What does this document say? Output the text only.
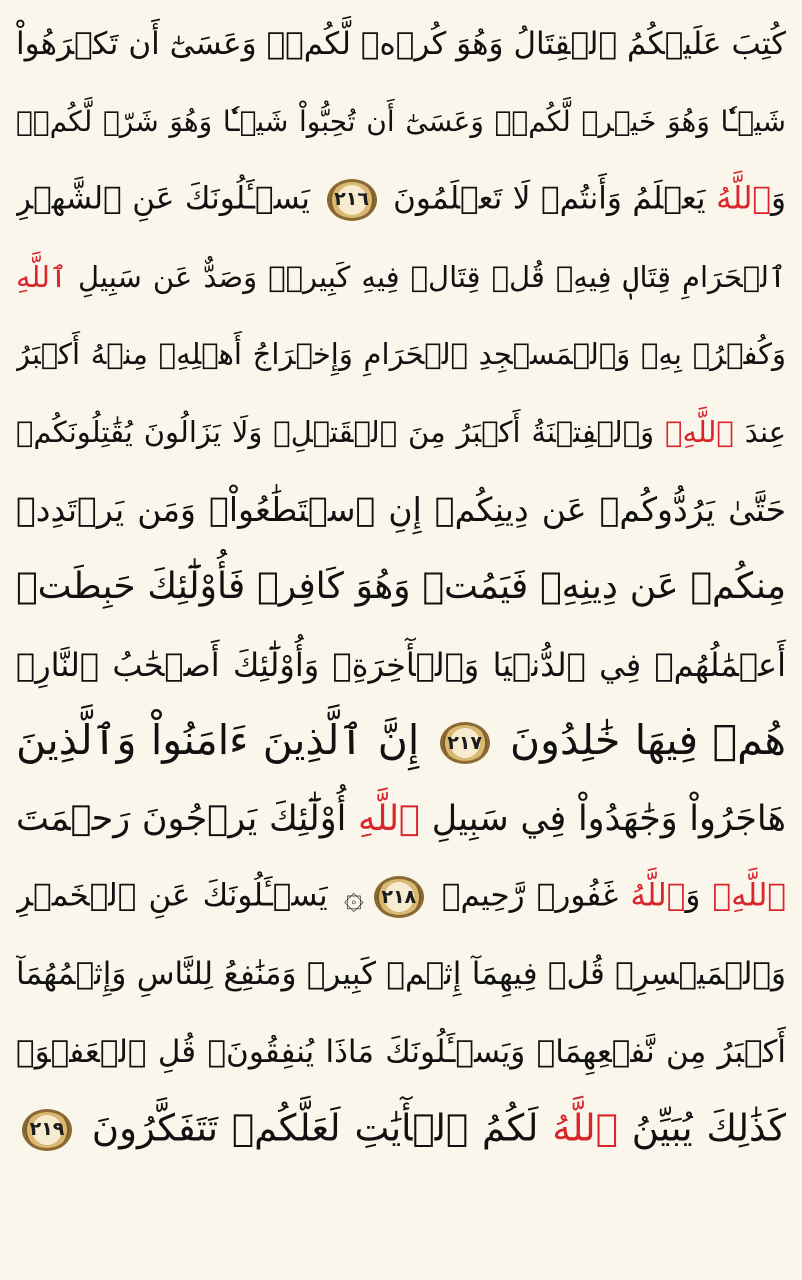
كُتِبَ عَلَيۡكُمُ ٱلۡقِتَالُ وَهُوَ كُرۡهٞ لَّكُمۡۖ وَعَسَىٰٓ أَن تَكۡرَهُواْ
شَيۡـٔٗا وَهُوَ خَيۡرٞ لَّكُمۡۖ وَعَسَىٰٓ أَن تُحِبُّواْ شَيۡـٔٗا وَهُوَ شَرّٞ لَّكُمۡۚ
وَٱللَّهُ يَعۡلَمُ وَأَنتُمۡ لَا تَعۡلَمُونَ ٢١٦ يَسۡـَٔلُونَكَ عَنِ ٱلشَّهۡرِ
ٱلۡحَرَامِ قِتَالٖ فِيهِۖ قُلۡ قِتَالٞ فِيهِ كَبِيرٞۚ وَصَدٌّ عَن سَبِيلِ ٱللَّهِ
وَكُفۡرُۢ بِهِۦ وَٱلۡمَسۡجِدِ ٱلۡحَرَامِ وَإِخۡرَاجُ أَهۡلِهِۦ مِنۡهُ أَكۡبَرُ
عِندَ ٱللَّهِۚ وَٱلۡفِتۡنَةُ أَكۡبَرُ مِنَ ٱلۡقَتۡلِۗ وَلَا يَزَالُونَ يُقَٰتِلُونَكُمۡ
حَتَّىٰ يَرُدُّوكُمۡ عَن دِينِكُمۡ إِنِ ٱسۡتَطَٰعُواْۚ وَمَن يَرۡتَدِدۡ
مِنكُمۡ عَن دِينِهِۦ فَيَمُتۡ وَهُوَ كَافِرٞ فَأُوْلَٰٓئِكَ حَبِطَتۡ
أَعۡمَٰلُهُمۡ فِي ٱلدُّنۡيَا وَٱلۡأٓخِرَةِۖ وَأُوْلَٰٓئِكَ أَصۡحَٰبُ ٱلنَّارِۖ
هُمۡ فِيهَا خَٰلِدُونَ ٢١٧ إِنَّ ٱلَّذِينَ ءَامَنُواْ وَٱلَّذِينَ
هَاجَرُواْ وَجَٰهَدُواْ فِي سَبِيلِ ٱللَّهِ أُوْلَٰٓئِكَ يَرۡجُونَ رَحۡمَتَ
ٱللَّهِۚ وَٱللَّهُ غَفُورٞ رَّحِيمٞ ٢١٨۞ يَسۡـَٔلُونَكَ عَنِ ٱلۡخَمۡرِ
وَٱلۡمَيۡسِرِۖ قُلۡ فِيهِمَآ إِثۡمٞ كَبِيرٞ وَمَنَٰفِعُ لِلنَّاسِ وَإِثۡمُهُمَآ
أَكۡبَرُ مِن نَّفۡعِهِمَاۗ وَيَسۡـَٔلُونَكَ مَاذَا يُنفِقُونَۖ قُلِ ٱلۡعَفۡوَۗ
كَذَٰلِكَ يُبَيِّنُ ٱللَّهُ لَكُمُ ٱلۡأٓيَٰتِ لَعَلَّكُمۡ تَتَفَكَّرُونَ ٢١٩
